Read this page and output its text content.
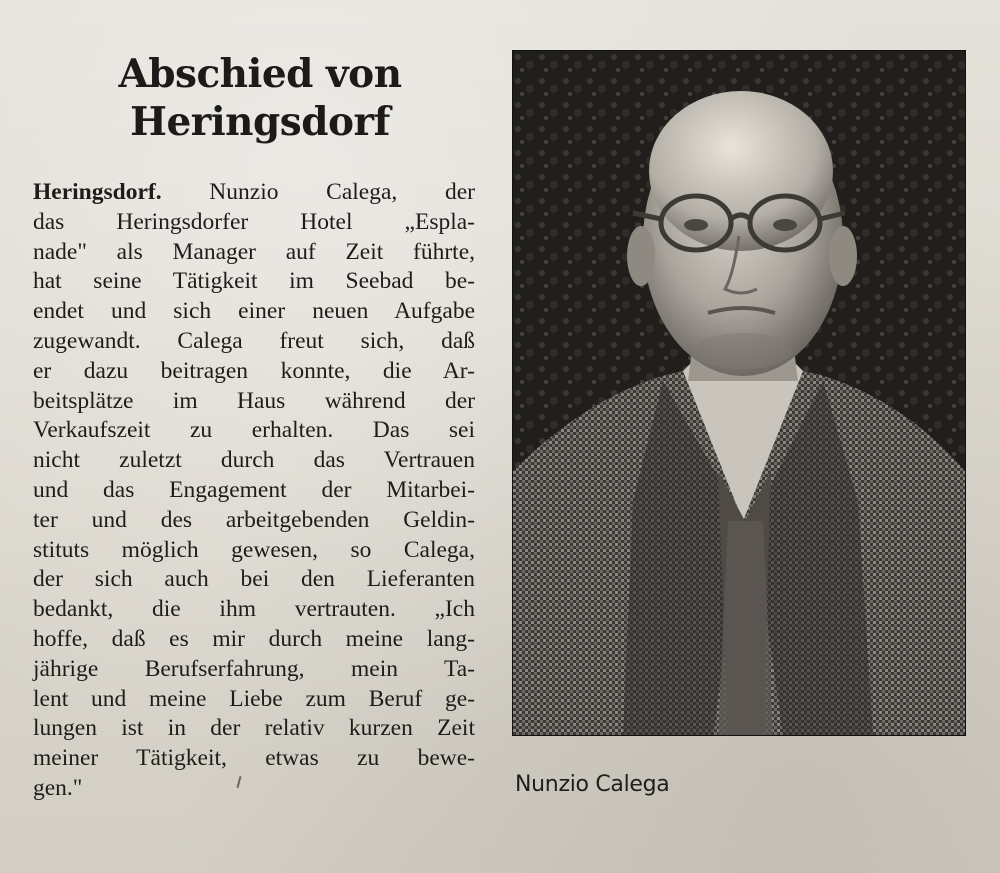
Abschied von
Heringsdorf
Heringsdorf. Nunzio Calega, der
das Heringsdorfer Hotel „Espla-
nade" als Manager auf Zeit führte,
hat seine Tätigkeit im Seebad be-
endet und sich einer neuen Aufgabe
zugewandt. Calega freut sich, daß
er dazu beitragen konnte, die Ar-
beitsplätze im Haus während der
Verkaufszeit zu erhalten. Das sei
nicht zuletzt durch das Vertrauen
und das Engagement der Mitarbei-
ter und des arbeitgebenden Geldin-
stituts möglich gewesen, so Calega,
der sich auch bei den Lieferanten
bedankt, die ihm vertrauten. „Ich
hoffe, daß es mir durch meine lang-
jährige Berufserfahrung, mein Ta-
lent und meine Liebe zum Beruf ge-
lungen ist in der relativ kurzen Zeit
meiner Tätigkeit, etwas zu bewe-
gen."	Nunzio Calega
